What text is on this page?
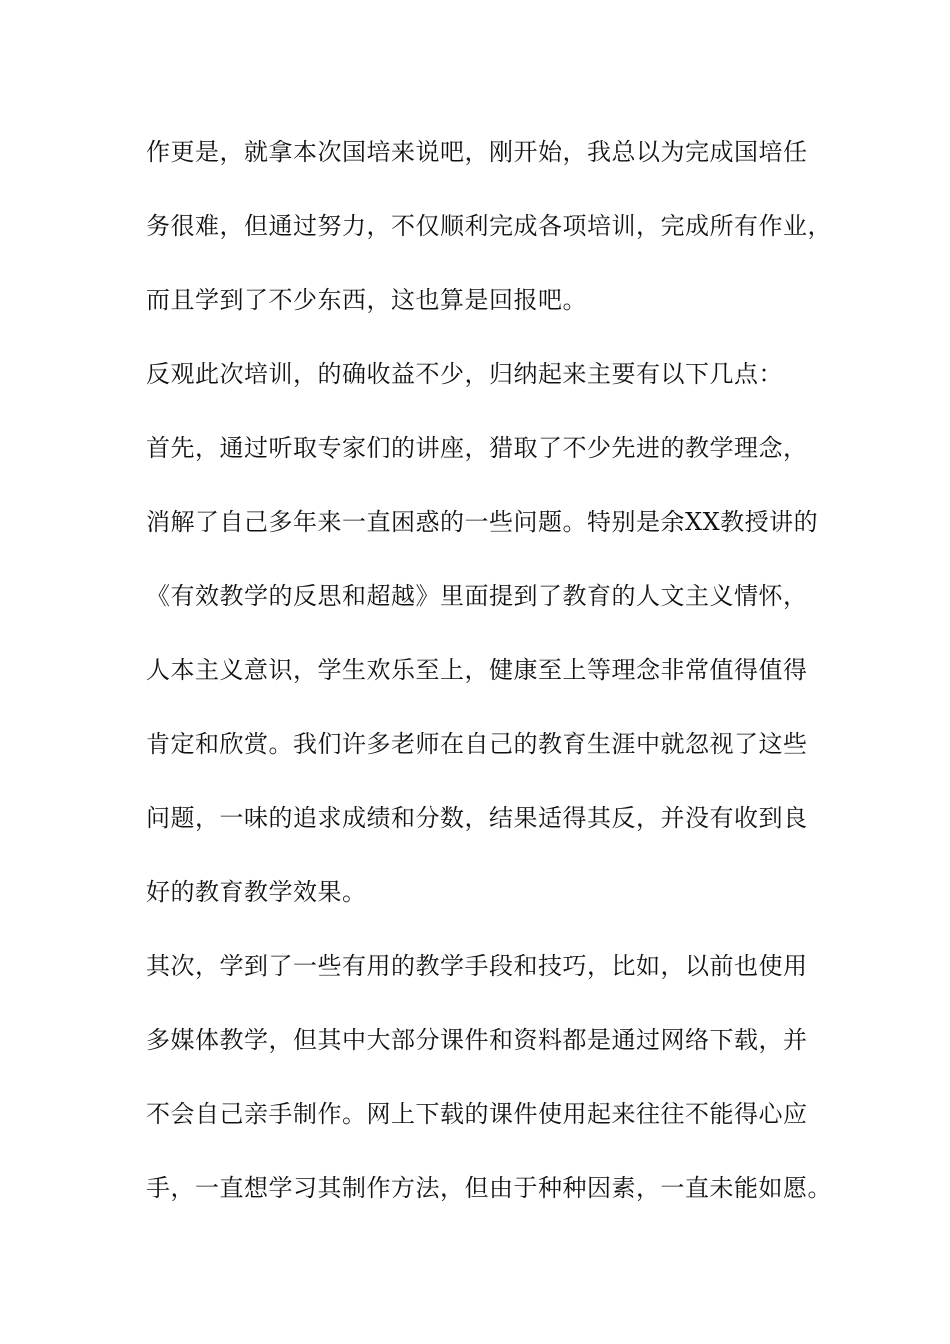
作更是，就拿本次国培来说吧，刚开始，我总以为完成国培任
务很难，但通过努力，不仅顺利完成各项培训，完成所有作业，
而且学到了不少东西，这也算是回报吧。
反观此次培训，的确收益不少，归纳起来主要有以下几点：
首先，通过听取专家们的讲座，猎取了不少先进的教学理念，
消解了自己多年来一直困惑的一些问题。特别是余XX教授讲的
《有效教学的反思和超越》里面提到了教育的人文主义情怀，
人本主义意识，学生欢乐至上，健康至上等理念非常值得值得
肯定和欣赏。我们许多老师在自己的教育生涯中就忽视了这些
问题，一味的追求成绩和分数，结果适得其反，并没有收到良
好的教育教学效果。
其次，学到了一些有用的教学手段和技巧，比如，以前也使用
多媒体教学，但其中大部分课件和资料都是通过网络下载，并
不会自己亲手制作。网上下载的课件使用起来往往不能得心应
手，一直想学习其制作方法，但由于种种因素，一直未能如愿。
